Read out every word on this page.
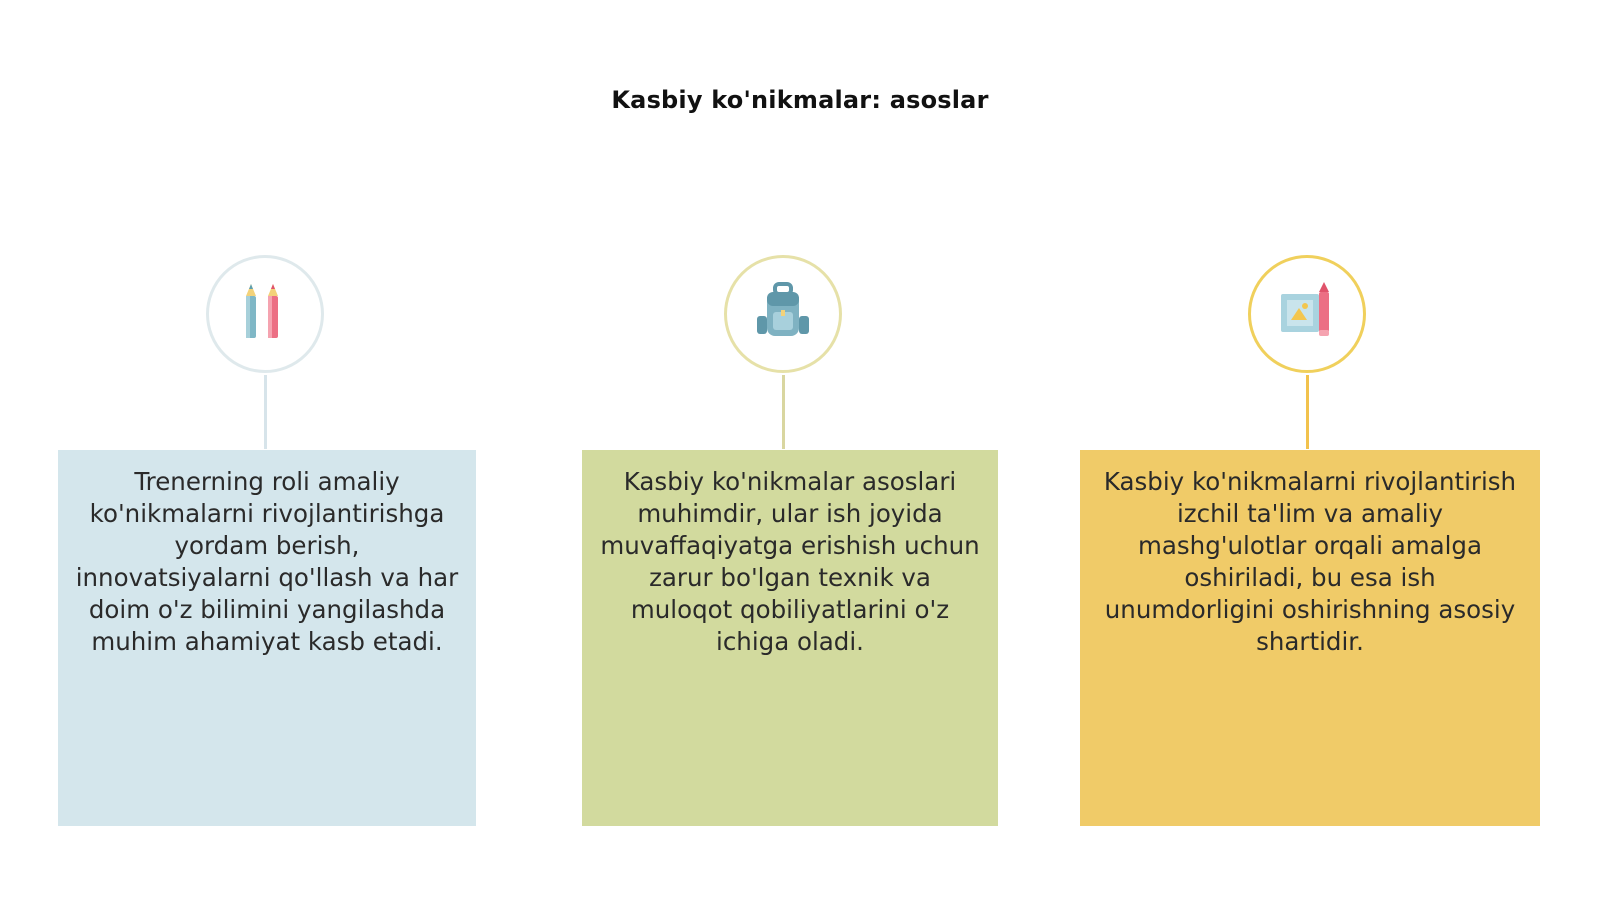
Kasbiy ko'nikmalar: asoslar
Trenerning roli amaliy ko'nikmalarni rivojlantirishga yordam berish, innovatsiyalarni qo'llash va har doim o'z bilimini yangilashda muhim ahamiyat kasb etadi.
Kasbiy ko'nikmalar asoslari muhimdir, ular ish joyida muvaffaqiyatga erishish uchun zarur bo'lgan texnik va muloqot qobiliyatlarini o'z ichiga oladi.
Kasbiy ko'nikmalarni rivojlantirish izchil ta'lim va amaliy mashg'ulotlar orqali amalga oshiriladi, bu esa ish unumdorligini oshirishning asosiy shartidir.
